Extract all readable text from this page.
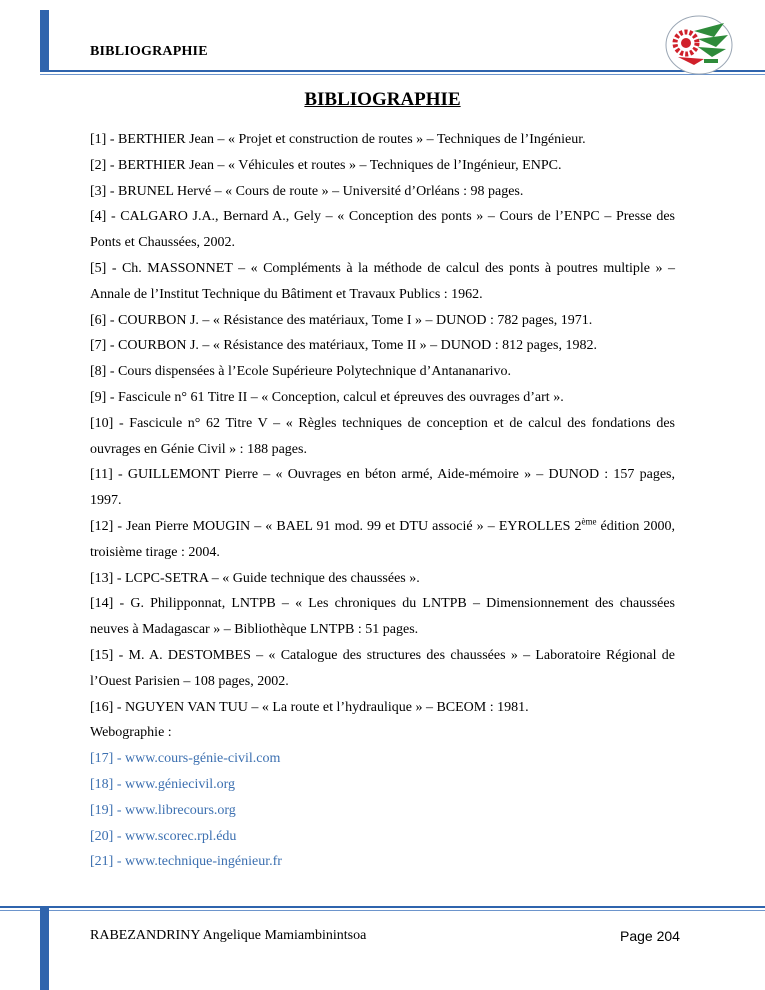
BIBLIOGRAPHIE
BIBLIOGRAPHIE
[1] - BERTHIER Jean – « Projet et construction de routes » – Techniques de l’Ingénieur.
[2] - BERTHIER Jean – « Véhicules et routes » – Techniques de l’Ingénieur, ENPC.
[3] - BRUNEL Hervé – « Cours de route » – Université d’Orléans : 98 pages.
[4] - CALGARO J.A., Bernard A., Gely – « Conception des ponts » – Cours de l’ENPC – Presse des Ponts et Chaussées, 2002.
[5] - Ch. MASSONNET – « Compléments à la méthode de calcul des ponts à poutres multiple » – Annale de l’Institut Technique du Bâtiment et Travaux Publics : 1962.
[6] - COURBON J. – « Résistance des matériaux, Tome I » – DUNOD : 782 pages, 1971.
[7] - COURBON J. – « Résistance des matériaux, Tome II » – DUNOD : 812 pages, 1982.
[8] - Cours dispensées à l’Ecole Supérieure Polytechnique d’Antananarivo.
[9] - Fascicule n° 61 Titre II – « Conception, calcul et épreuves des ouvrages d’art ».
[10] - Fascicule n° 62 Titre V – « Règles techniques de conception et de calcul des fondations des ouvrages en Génie Civil » : 188 pages.
[11] - GUILLEMONT Pierre – « Ouvrages en béton armé, Aide-mémoire » – DUNOD : 157 pages, 1997.
[12] - Jean Pierre MOUGIN – « BAEL 91 mod. 99 et DTU associé » – EYROLLES 2ème édition 2000, troisième tirage : 2004.
[13] - LCPC-SETRA – « Guide technique des chaussées ».
[14] - G. Philipponnat, LNTPB – « Les chroniques du LNTPB – Dimensionnement des chaussées neuves à Madagascar » – Bibliothèque LNTPB : 51 pages.
[15] - M. A. DESTOMBES – « Catalogue des structures des chaussées » – Laboratoire Régional de l’Ouest Parisien – 108 pages, 2002.
[16] - NGUYEN VAN TUU – « La route et l’hydraulique » – BCEOM : 1981.
Webographie :
[17] - www.cours-génie-civil.com
[18] - www.géniecivil.org
[19] - www.librecours.org
[20] - www.scorec.rpl.édu
[21] - www.technique-ingénieur.fr
RABEZANDRINY Angelique Mamiambinintsoa	Page 204
